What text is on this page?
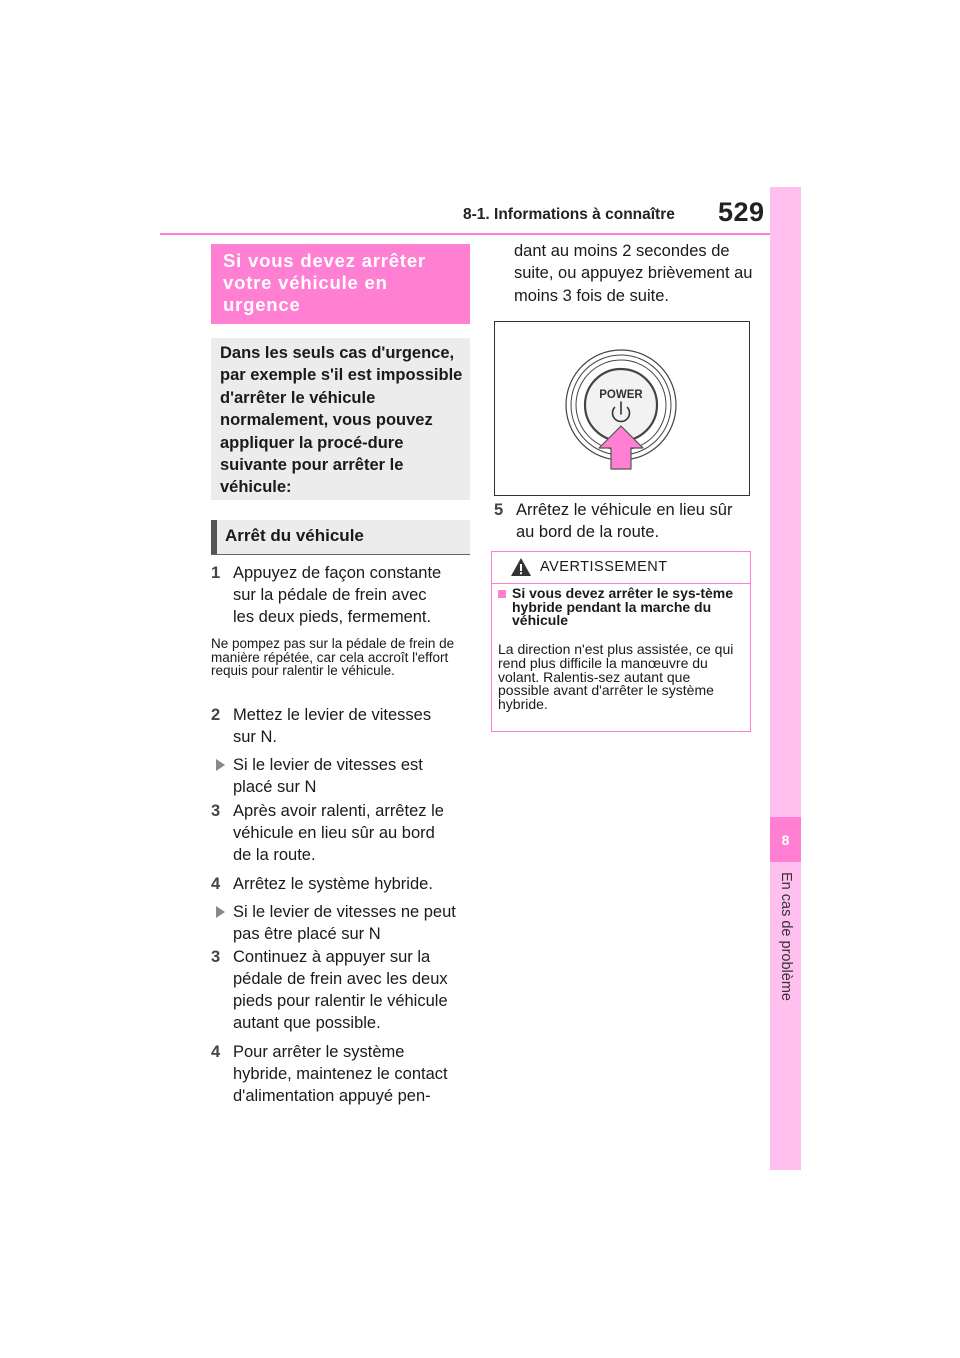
8-1. Informations à connaître 529
8
En cas de problème
Si vous devez arrêter votre véhicule en urgence
Dans les seuls cas d'urgence, par exemple s'il est impossible d'arrêter le véhicule normalement, vous pouvez appliquer la procé-dure suivante pour arrêter le véhicule:
Arrêt du véhicule
1 Appuyez de façon constante sur la pédale de frein avec les deux pieds, fermement.
Ne pompez pas sur la pédale de frein de manière répétée, car cela accroît l'effort requis pour ralentir le véhicule.
2 Mettez le levier de vitesses sur N.
Si le levier de vitesses est placé sur N
3 Après avoir ralenti, arrêtez le véhicule en lieu sûr au bord de la route.
4 Arrêtez le système hybride.
Si le levier de vitesses ne peut pas être placé sur N
3 Continuez à appuyer sur la pédale de frein avec les deux pieds pour ralentir le véhicule autant que possible.
4 Pour arrêter le système hybride, maintenez le contact d'alimentation appuyé pen-
dant au moins 2 secondes de suite, ou appuyez brièvement au moins 3 fois de suite.
POWER
5 Arrêtez le véhicule en lieu sûr au bord de la route.
AVERTISSEMENT
Si vous devez arrêter le sys-tème hybride pendant la marche du véhicule
La direction n'est plus assistée, ce qui rend plus difficile la manœuvre du volant. Ralentis-sez autant que possible avant d'arrêter le système hybride.
